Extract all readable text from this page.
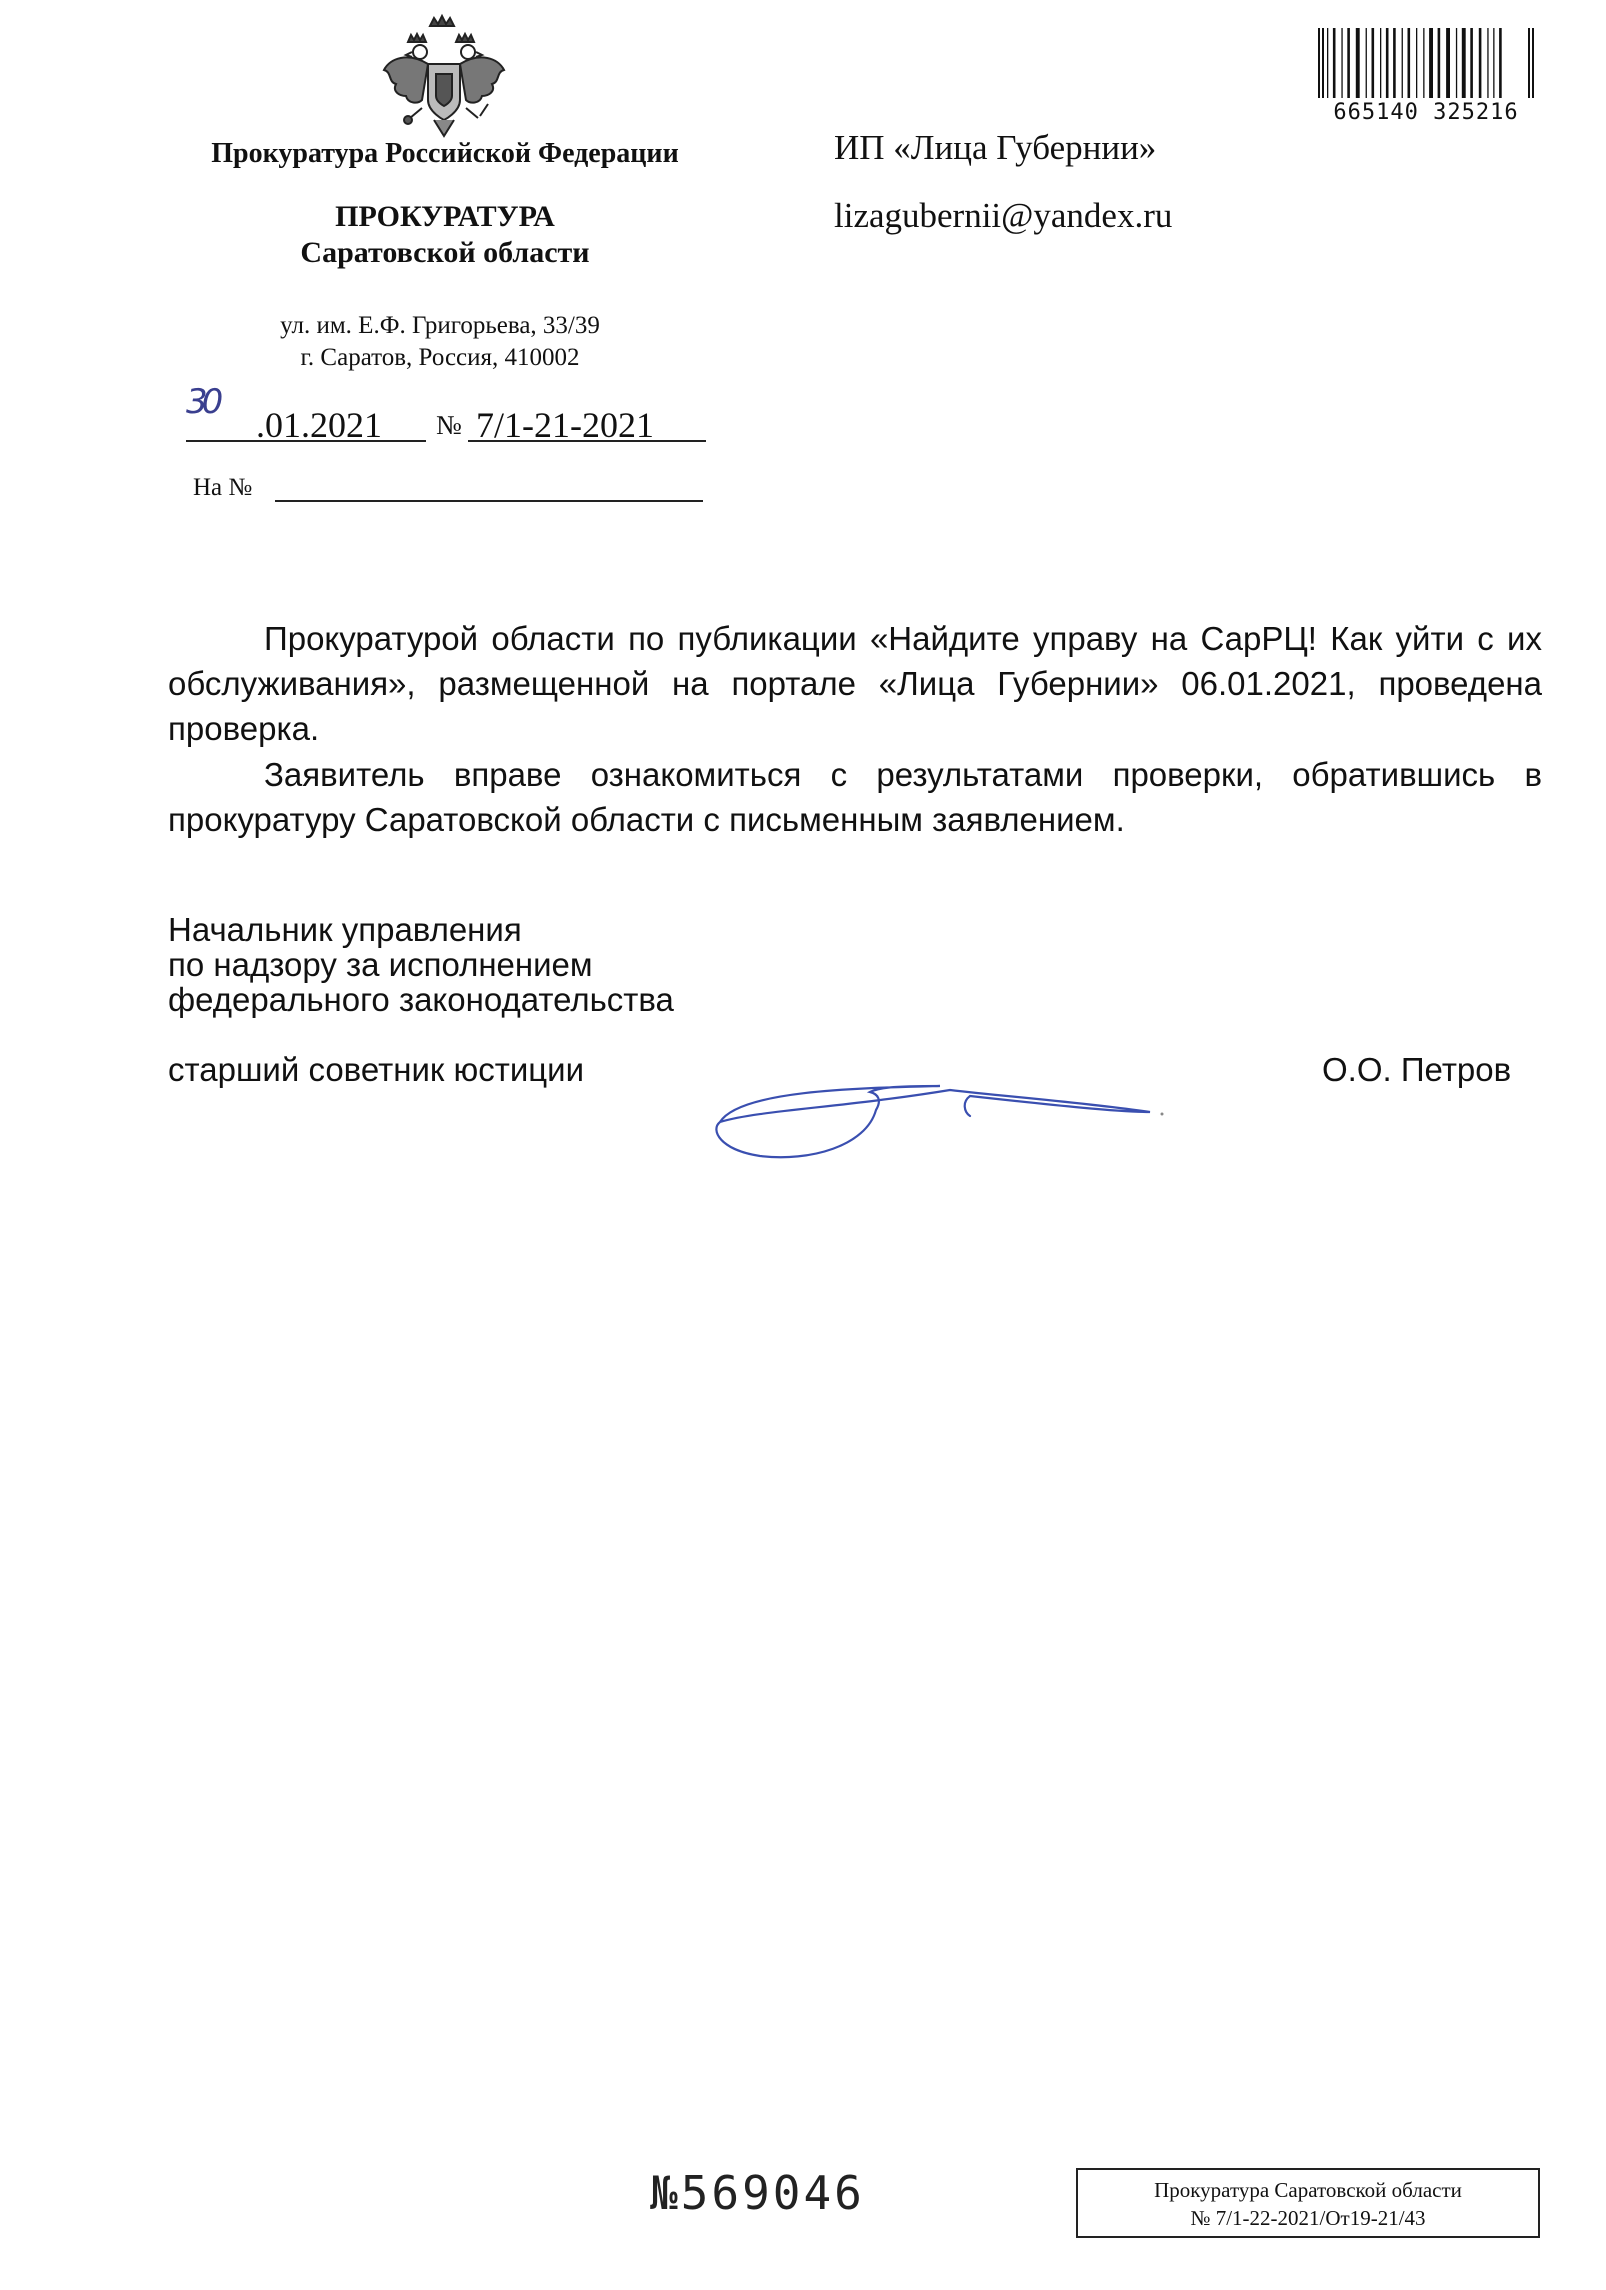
665140 325216
Прокуратура Российской Федерации
ПРОКУРАТУРА
Саратовской области
ул. им. Е.Ф. Григорьева, 33/39
г. Саратов, Россия, 410002
30
.01.2021 № 7/1-21-2021
На №
ИП «Лица Губернии»
lizagubernii@yandex.ru
Прокуратурой области по публикации «Найдите управу на СарРЦ! Как уйти с их обслуживания», размещенной на портале «Лица Губернии» 06.01.2021, проведена проверка.
Заявитель вправе ознакомиться с результатами проверки, обратившись в прокуратуру Саратовской области с письменным заявлением.
Начальник управления
по надзору за исполнением
федерального законодательства
старший советник юстиции	О.О. Петров
№569046	Прокуратура Саратовской области
№ 7/1-22-2021/От19-21/43
